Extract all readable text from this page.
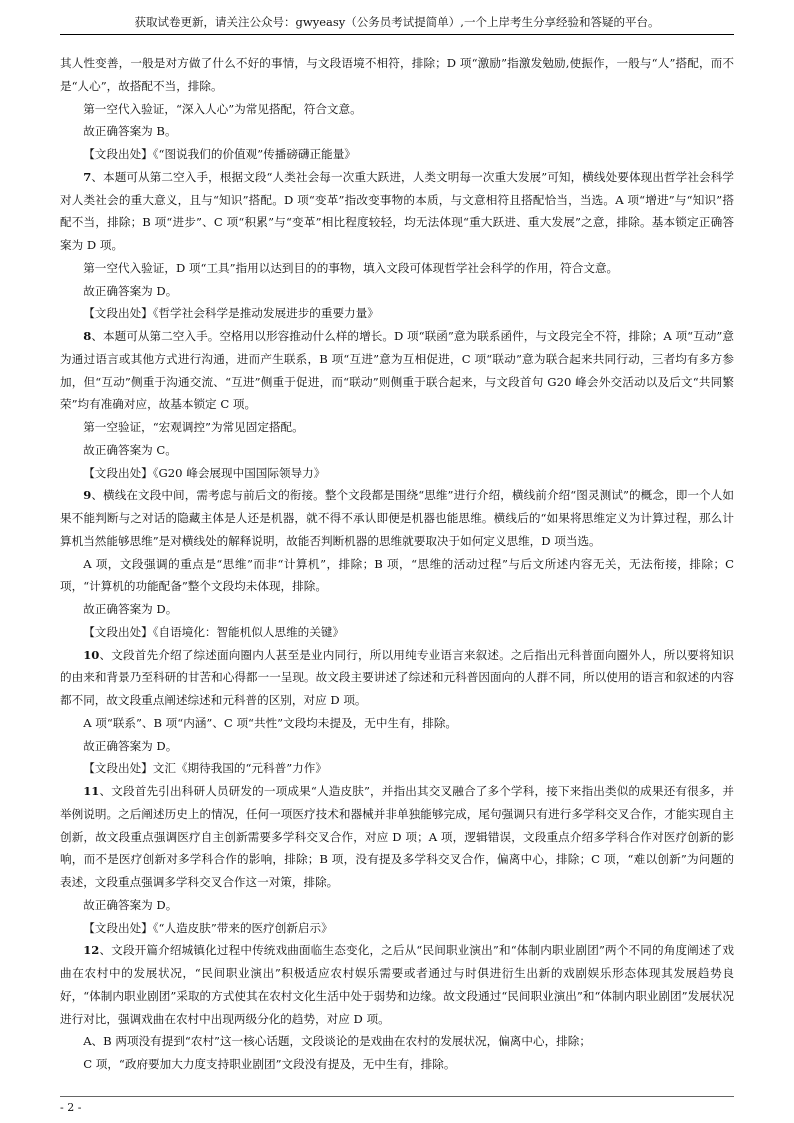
获取试卷更新，请关注公众号：gwyeasy（公务员考试提简单）,一个上岸考生分享经验和答疑的平台。

其人性变善，一般是对方做了什么不好的事情，与文段语境不相符，排除；D 项“激励”指激发勉励,使振作，一般与“人”搭配，而不是“人心”，故搭配不当，排除。

第一空代入验证，“深入人心”为常见搭配，符合文意。

故正确答案为 B。

【文段出处】《“图说我们的价值观”传播磅礴正能量》

7、本题可从第二空入手，根据文段“人类社会每一次重大跃进，人类文明每一次重大发展”可知，横线处要体现出哲学社会科学对人类社会的重大意义，且与“知识”搭配。D 项“变革”指改变事物的本质，与文意相符且搭配恰当，当选。A 项“增进”与“知识”搭配不当，排除；B 项“进步”、C 项“积累”与“变革”相比程度较轻，均无法体现“重大跃进、重大发展”之意，排除。基本锁定正确答案为 D 项。

第一空代入验证，D 项“工具”指用以达到目的的事物，填入文段可体现哲学社会科学的作用，符合文意。

故正确答案为 D。

【文段出处】《哲学社会科学是推动发展进步的重要力量》

8、本题可从第二空入手。空格用以形容推动什么样的增长。D 项“联函”意为联系函件，与文段完全不符，排除；A 项“互动”意为通过语言或其他方式进行沟通，进而产生联系，B 项“互进”意为互相促进，C 项“联动”意为联合起来共同行动，三者均有多方参加，但“互动”侧重于沟通交流、“互进”侧重于促进，而“联动”则侧重于联合起来，与文段首句 G20 峰会外交活动以及后文“共同繁荣”均有准确对应，故基本锁定 C 项。

第一空验证，“宏观调控”为常见固定搭配。

故正确答案为 C。

【文段出处】《G20 峰会展现中国国际领导力》

9、横线在文段中间，需考虑与前后文的衔接。整个文段都是围绕“思维”进行介绍，横线前介绍“图灵测试”的概念，即一个人如果不能判断与之对话的隐藏主体是人还是机器，就不得不承认即便是机器也能思维。横线后的“如果将思维定义为计算过程，那么计算机当然能够思维”是对横线处的解释说明，故能否判断机器的思维就要取决于如何定义思维，D 项当选。

A 项，文段强调的重点是“思维”而非“计算机”，排除；B 项，“思维的活动过程”与后文所述内容无关，无法衔接，排除；C 项，“计算机的功能配备”整个文段均未体现，排除。

故正确答案为 D。

【文段出处】《自语境化：智能机似人思维的关键》

10、文段首先介绍了综述面向圈内人甚至是业内同行，所以用纯专业语言来叙述。之后指出元科普面向圈外人，所以要将知识的由来和背景乃至科研的甘苦和心得都一一呈现。故文段主要讲述了综述和元科普因面向的人群不同，所以使用的语言和叙述的内容都不同，故文段重点阐述综述和元科普的区别，对应 D 项。

A 项“联系”、B 项“内涵”、C 项“共性”文段均未提及，无中生有，排除。

故正确答案为 D。

【文段出处】文汇《期待我国的“元科普”力作》

11、文段首先引出科研人员研发的一项成果“人造皮肤”，并指出其交叉融合了多个学科，接下来指出类似的成果还有很多，并举例说明。之后阐述历史上的情况，任何一项医疗技术和器械并非单独能够完成，尾句强调只有进行多学科交叉合作，才能实现自主创新，故文段重点强调医疗自主创新需要多学科交叉合作，对应 D 项；A 项，逻辑错误，文段重点介绍多学科合作对医疗创新的影响，而不是医疗创新对多学科合作的影响，排除；B 项，没有提及多学科交叉合作，偏离中心，排除；C 项，“难以创新”为问题的表述，文段重点强调多学科交叉合作这一对策，排除。

故正确答案为 D。

【文段出处】《“人造皮肤”带来的医疗创新启示》

12、文段开篇介绍城镇化过程中传统戏曲面临生态变化，之后从“民间职业演出”和“体制内职业剧团”两个不同的角度阐述了戏曲在农村中的发展状况，“民间职业演出”积极适应农村娱乐需要或者通过与时俱进衍生出新的戏剧娱乐形态体现其发展趋势良好，“体制内职业剧团”采取的方式使其在农村文化生活中处于弱势和边缘。故文段通过“民间职业演出”和“体制内职业剧团”发展状况进行对比，强调戏曲在农村中出现两级分化的趋势，对应 D 项。

A、B 两项没有提到“农村”这一核心话题，文段谈论的是戏曲在农村的发展状况，偏离中心，排除；

C 项，“政府要加大力度支持职业剧团”文段没有提及，无中生有，排除。

- 2 -
